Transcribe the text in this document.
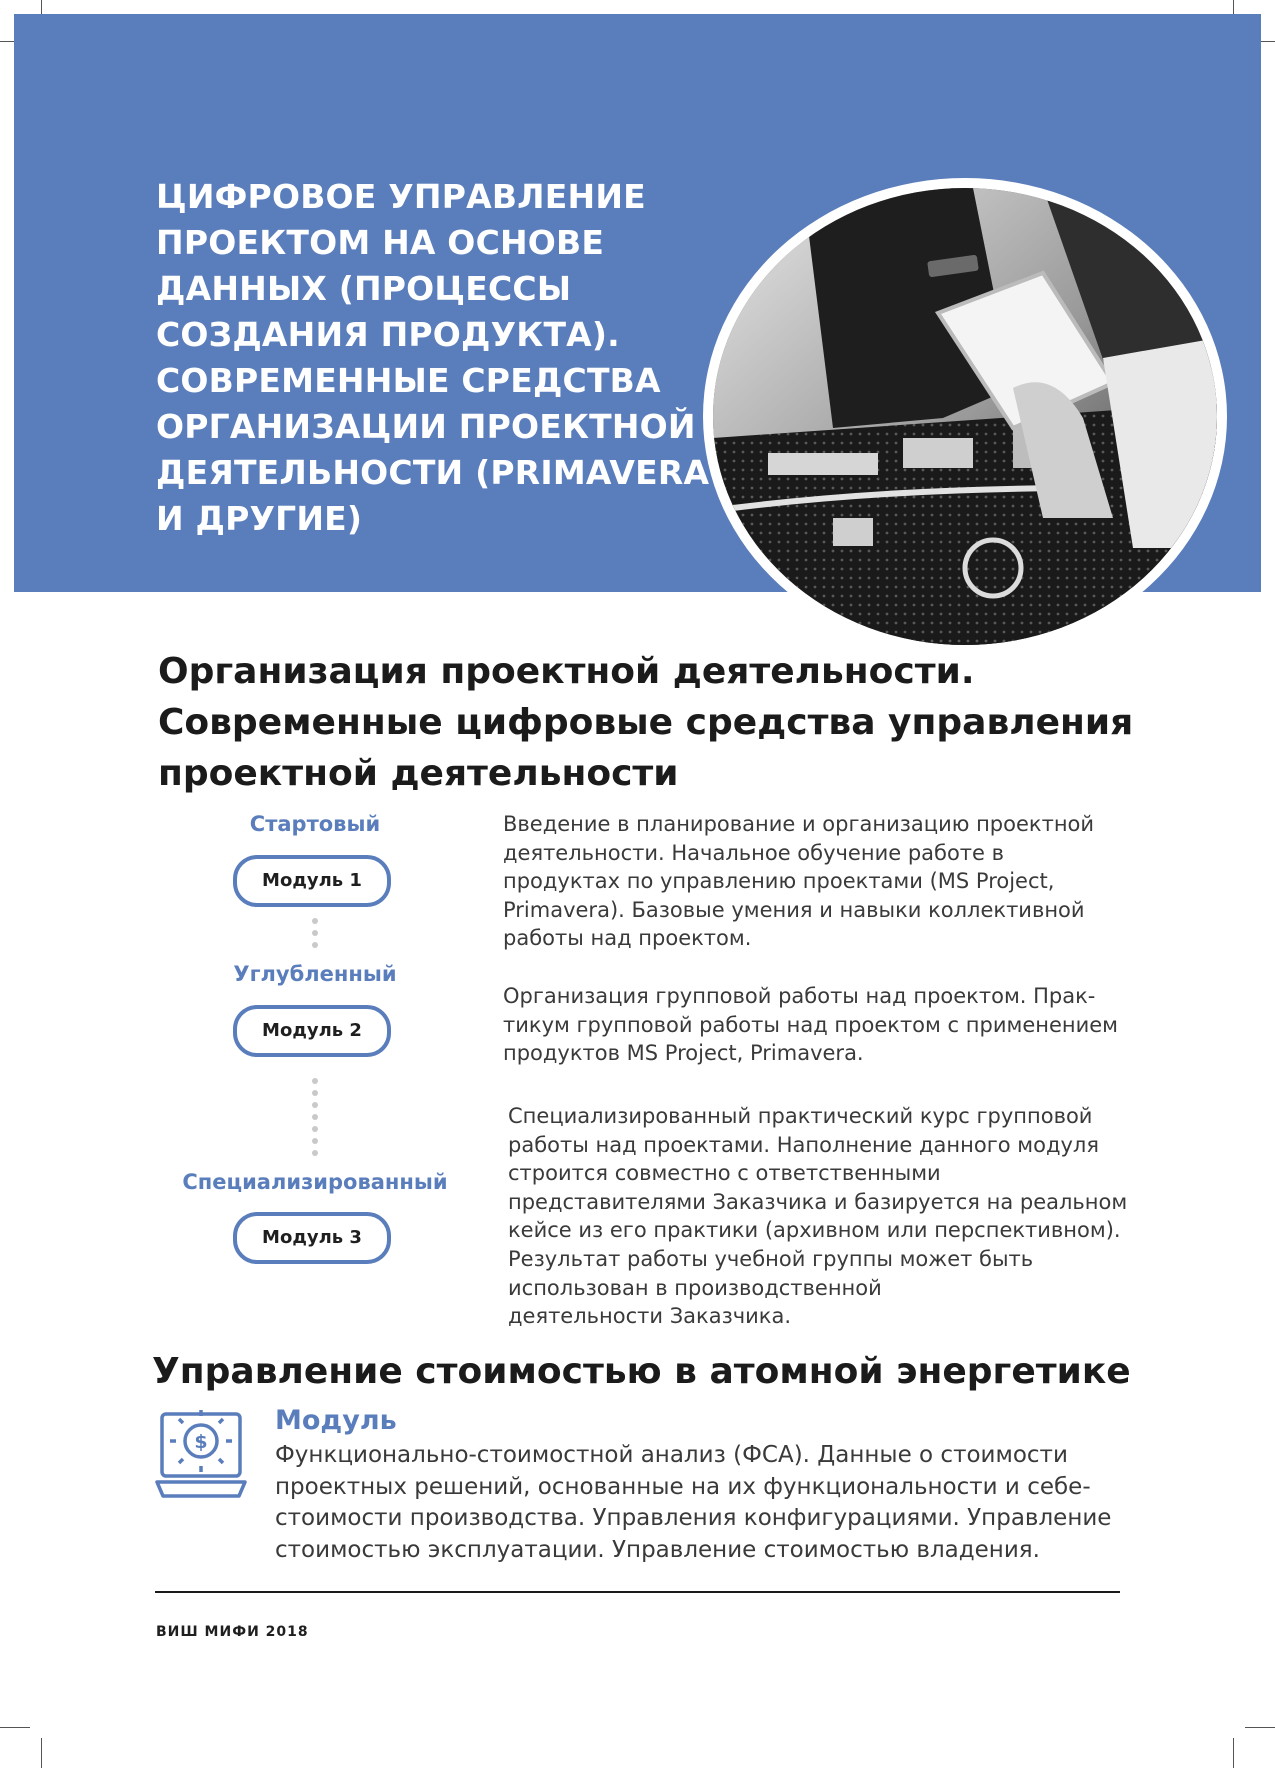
ЦИФРОВОЕ УПРАВЛЕНИЕ ПРОЕКТОМ НА ОСНОВЕ ДАННЫХ (ПРОЦЕССЫ СОЗДАНИЯ ПРОДУКТА). СОВРЕМЕННЫЕ СРЕДСТВА ОРГАНИЗАЦИИ ПРОЕКТНОЙ ДЕЯТЕЛЬНОСТИ (PRIMAVERA И ДРУГИЕ)
Организация проектной деятельности. Современные цифровые средства управления проектной деятельности
Стартовый
Модуль 1
Углубленный
Модуль 2
Специализированный
Модуль 3

Введение в планирование и организацию проектной
деятельности. Начальное обучение работе в
продуктах по управлению проектами (MS Project,
Primavera). Базовые умения и навыки коллективной
работы над проектом.

Организация групповой работы над проектом. Прак-
тикум групповой работы над проектом с применением
продуктов MS Project, Primavera.

Специализированный практический курс групповой
работы над проектами. Наполнение данного модуля
строится совместно с ответственными
представителями Заказчика и базируется на реальном
кейсе из его практики (архивном или перспективном).
Результат работы учебной группы может быть
использован в производственной
деятельности Заказчика.

Управление стоимостью в атомной энергетике
$

Модуль

Функционально-стоимостной анализ (ФСА). Данные о стоимости
проектных решений, основанные на их функциональности и себе-
стоимости производства. Управления конфигурациями. Управление
стоимостью эксплуатации. Управление стоимостью владения.

ВИШ МИФИ 2018
